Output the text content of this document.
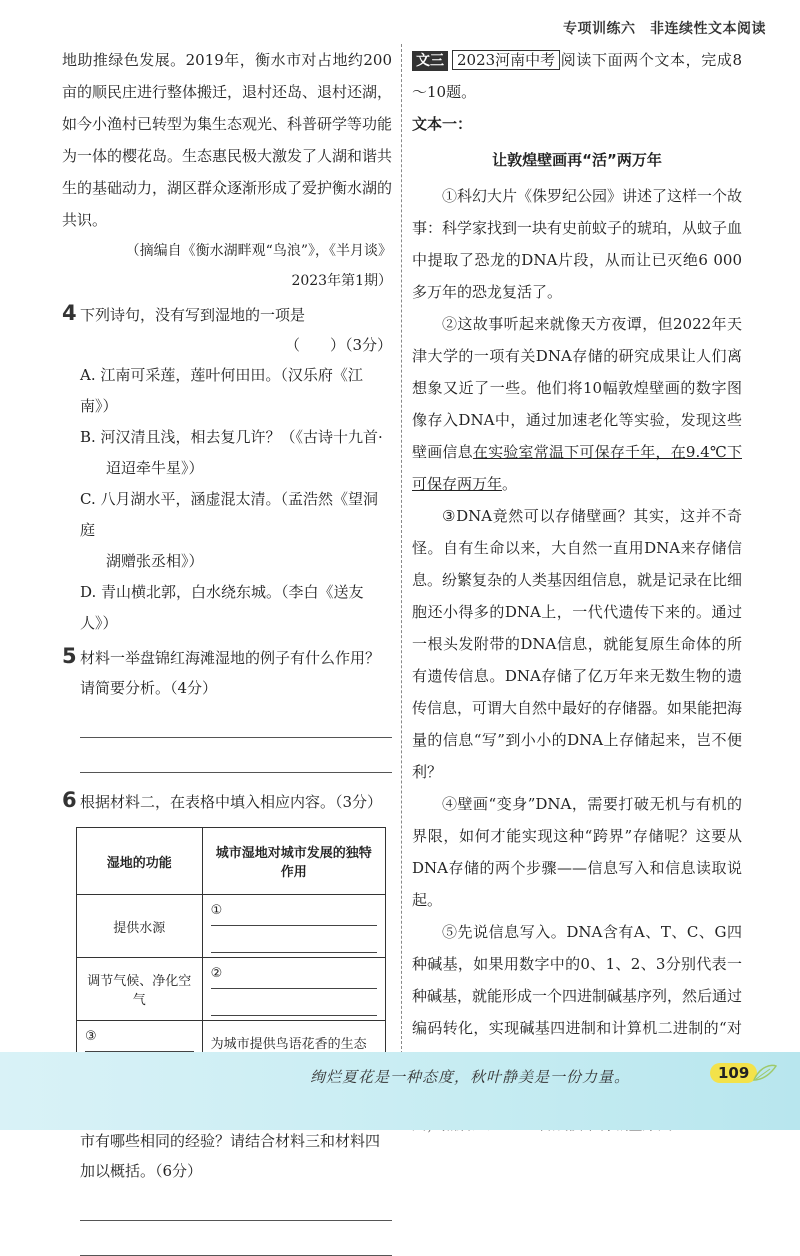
专项训练六　非连续性文本阅读

地助推绿色发展。2019年，衡水市对占地约200亩的顺民庄进行整体搬迁，退村还岛、退村还湖，如今小渔村已转型为集生态观光、科普研学等功能为一体的樱花岛。生态惠民极大激发了人湖和谐共生的基础动力，湖区群众逐渐形成了爱护衡水湖的共识。

（摘编自《衡水湖畔观“鸟浪”》，《半月谈》

2023年第1期）

4 下列诗句，没有写到湿地的一项是

（　　）（3分）

A. 江南可采莲，莲叶何田田。（汉乐府《江南》）

B. 河汉清且浅，相去复几许？（《古诗十九首·

迢迢牵牛星》）

C. 八月湖水平，涵虚混太清。（孟浩然《望洞庭

湖赠张丞相》）

D. 青山横北郭，白水绕东城。（李白《送友人》）

5 材料一举盘锦红海滩湿地的例子有什么作用？请简要分析。（4分）

6 根据材料二，在表格中填入相应内容。（3分）

湿地的功能	城市湿地对城市发展的独特作用
提供水源	①

调节气候、净化空气	②

③	为城市提供鸟语花香的生态

市有哪些相同的经验？请结合材料三和材料四加以概括。（6分）

文三 2023河南中考 阅读下面两个文本，完成8～10题。

文本一：

让敦煌壁画再“活”两万年

①科幻大片《侏罗纪公园》讲述了这样一个故事：科学家找到一块有史前蚊子的琥珀，从蚊子血中提取了恐龙的DNA片段，从而让已灭绝6 000多万年的恐龙复活了。

②这故事听起来就像天方夜谭，但2022年天津大学的一项有关DNA存储的研究成果让人们离想象又近了一些。他们将10幅敦煌壁画的数字图像存入DNA中，通过加速老化等实验，发现这些壁画信息在实验室常温下可保存千年，在9.4℃下可保存两万年。

③DNA竟然可以存储壁画？其实，这并不奇怪。自有生命以来，大自然一直用DNA来存储信息。纷繁复杂的人类基因组信息，就是记录在比细胞还小得多的DNA上，一代代遗传下来的。通过一根头发附带的DNA信息，就能复原生命体的所有遗传信息。DNA存储了亿万年来无数生物的遗传信息，可谓大自然中最好的存储器。如果能把海量的信息“写”到小小的DNA上存储起来，岂不便利？

④壁画“变身”DNA，需要打破无机与有机的界限，如何才能实现这种“跨界”存储呢？这要从DNA存储的两个步骤——信息写入和信息读取说起。

⑤先说信息写入。DNA含有A、T、C、G四种碱基，如果用数字中的0、1、2、3分别代表一种碱基，就能形成一个四进制碱基序列，然后通过编码转化，实现碱基四进制和计算机二进制的“对

绚烂夏花是一种态度，秋叶静美是一份力量。	109
